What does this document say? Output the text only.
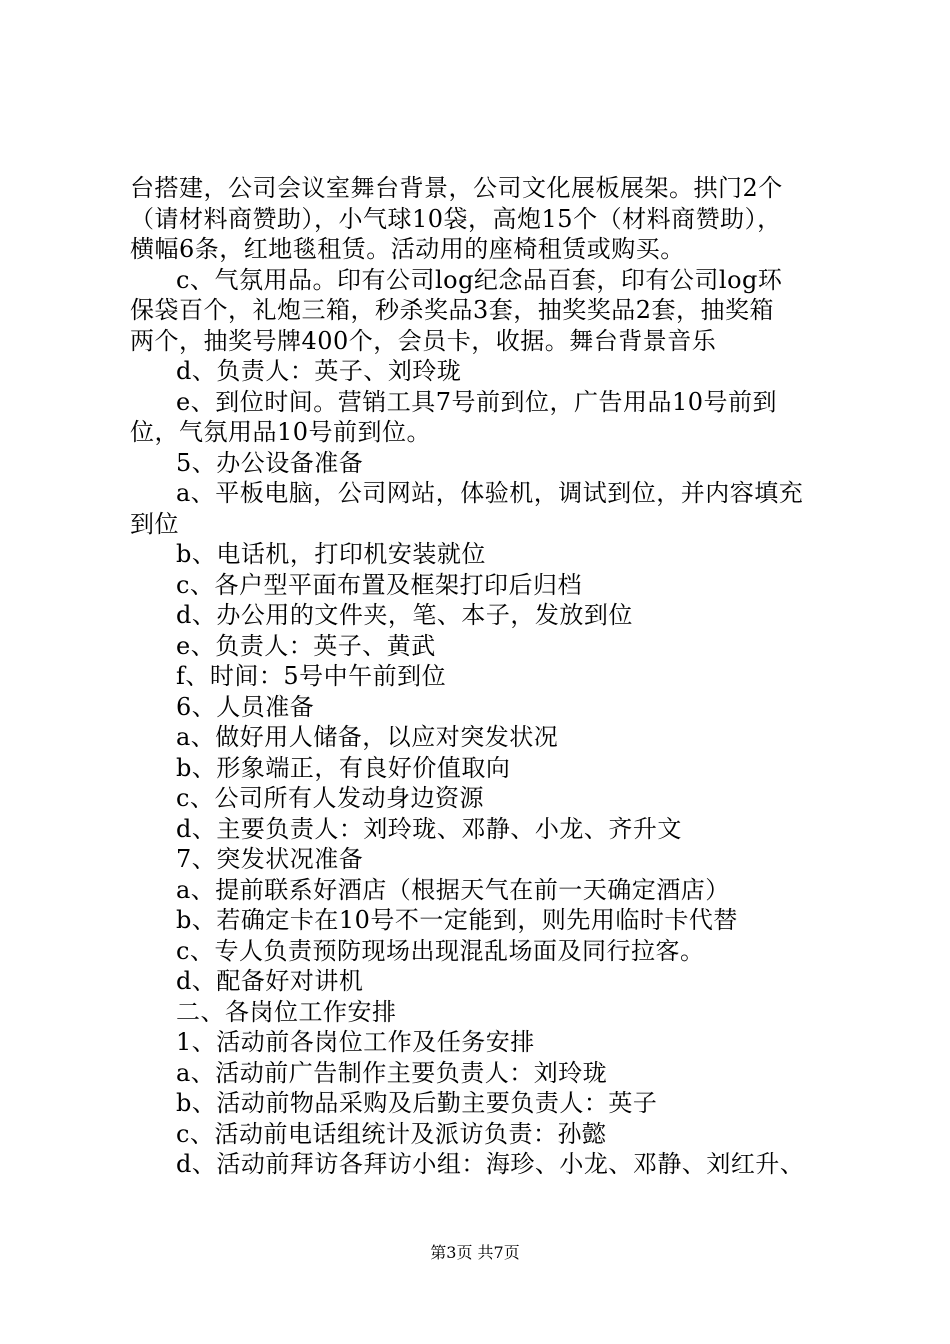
台搭建，公司会议室舞台背景，公司文化展板展架。拱门2个
（请材料商赞助），小气球10袋，高炮15个（材料商赞助），
横幅6条，红地毯租赁。活动用的座椅租赁或购买。
c、气氛用品。印有公司log纪念品百套，印有公司log环
保袋百个，礼炮三箱，秒杀奖品3套，抽奖奖品2套，抽奖箱
两个，抽奖号牌400个，会员卡，收据。舞台背景音乐
d、负责人：英子、刘玲珑
e、到位时间。营销工具7号前到位，广告用品10号前到
位，气氛用品10号前到位。
5、办公设备准备
a、平板电脑，公司网站，体验机，调试到位，并内容填充
到位
b、电话机，打印机安装就位
c、各户型平面布置及框架打印后归档
d、办公用的文件夹，笔、本子，发放到位
e、负责人：英子、黄武
f、时间：5号中午前到位
6、人员准备
a、做好用人储备，以应对突发状况
b、形象端正，有良好价值取向
c、公司所有人发动身边资源
d、主要负责人：刘玲珑、邓静、小龙、齐升文
7、突发状况准备
a、提前联系好酒店（根据天气在前一天确定酒店）
b、若确定卡在10号不一定能到，则先用临时卡代替
c、专人负责预防现场出现混乱场面及同行拉客。
d、配备好对讲机
二、各岗位工作安排
1、活动前各岗位工作及任务安排
a、活动前广告制作主要负责人：刘玲珑
b、活动前物品采购及后勤主要负责人：英子
c、活动前电话组统计及派访负责：孙懿
d、活动前拜访各拜访小组：海珍、小龙、邓静、刘红升、
第3页 共7页
